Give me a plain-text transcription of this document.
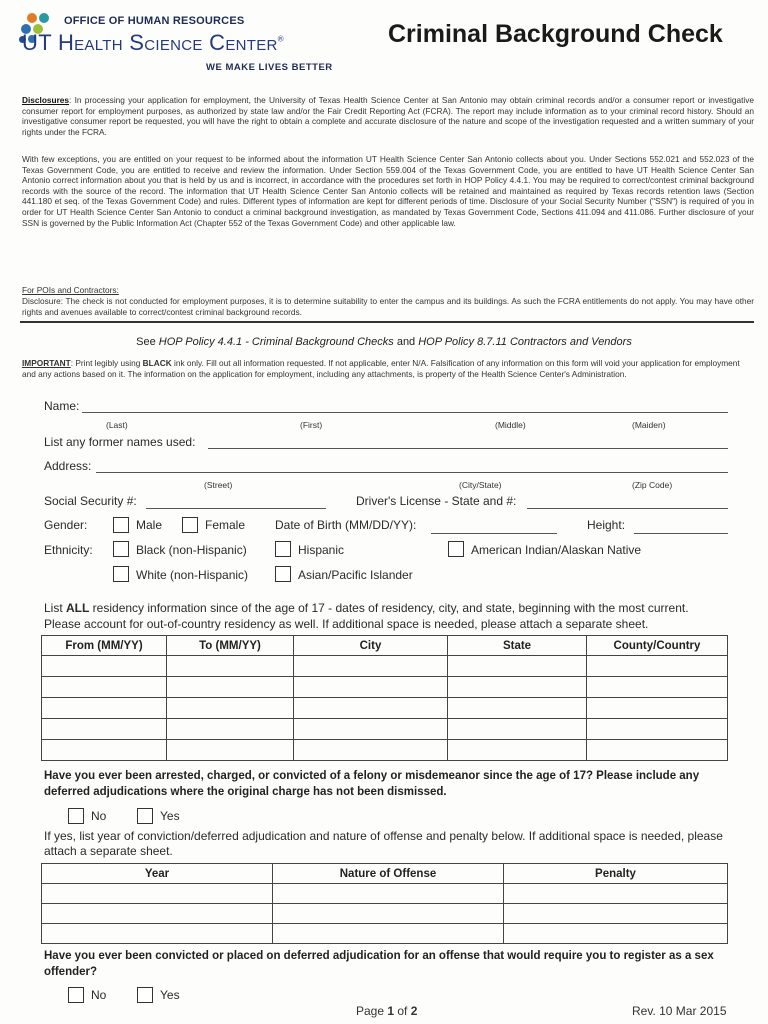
OFFICE OF HUMAN RESOURCES
UT Health Science Center®
WE MAKE LIVES BETTER
Criminal Background Check
Disclosures: In processing your application for employment, the University of Texas Health Science Center at San Antonio may obtain criminal records and/or a consumer report or investigative consumer report for employment purposes, as authorized by state law and/or the Fair Credit Reporting Act (FCRA). The report may include information as to your criminal record history. Should an investigative consumer report be requested, you will have the right to obtain a complete and accurate disclosure of the nature and scope of the investigation requested and a written summary of your rights under the FCRA.
With few exceptions, you are entitled on your request to be informed about the information UT Health Science Center San Antonio collects about you. Under Sections 552.021 and 552.023 of the Texas Government Code, you are entitled to receive and review the information. Under Section 559.004 of the Texas Government Code, you are entitled to have UT Health Science Center San Antonio correct information about you that is held by us and is incorrect, in accordance with the procedures set forth in HOP Policy 4.4.1. You may be required to correct/contest criminal background records with the source of the record. The information that UT Health Science Center San Antonio collects will be retained and maintained as required by Texas records retention laws (Section 441.180 et seq. of the Texas Government Code) and rules. Different types of information are kept for different periods of time. Disclosure of your Social Security Number ("SSN") is required of you in order for UT Health Science Center San Antonio to conduct a criminal background investigation, as mandated by Texas Government Code, Sections 411.094 and 411.086. Further disclosure of your SSN is governed by the Public Information Act (Chapter 552 of the Texas Government Code) and other applicable law.
For POIs and Contractors:
Disclosure: The check is not conducted for employment purposes, it is to determine suitability to enter the campus and its buildings. As such the FCRA entitlements do not apply. You may have other rights and avenues available to correct/contest criminal background records.
See HOP Policy 4.4.1 - Criminal Background Checks and HOP Policy 8.7.11 Contractors and Vendors
IMPORTANT: Print legibly using BLACK ink only. Fill out all information requested. If not applicable, enter N/A. Falsification of any information on this form will void your application for employment and any actions based on it. The information on the application for employment, including any attachments, is property of the Health Science Center's Administration.
Name:
(Last)	(First)	(Middle)	(Maiden)
List any former names used:
Address:
(Street)	(City/State)	(Zip Code)
Social Security #:	Driver's License - State and #:
Gender:	Male	Female Date of Birth (MM/DD/YY):	Height:
Ethnicity:	Black (non-Hispanic)	Hispanic	American Indian/Alaskan Native
White (non-Hispanic)	Asian/Pacific Islander
List ALL residency information since of the age of 17 - dates of residency, city, and state, beginning with the most current.
Please account for out-of-country residency as well. If additional space is needed, please attach a separate sheet.
From (MM/YY)	To (MM/YY)	City	State	County/Country

Have you ever been arrested, charged, or convicted of a felony or misdemeanor since the age of 17? Please include any deferred adjudications where the original charge has not been dismissed.
No	Yes
If yes, list year of conviction/deferred adjudication and nature of offense and penalty below. If additional space is needed, please attach a separate sheet.
Year	Nature of Offense	Penalty

Have you ever been convicted or placed on deferred adjudication for an offense that would require you to register as a sex offender?
No	Yes
Page 1 of 2	Rev. 10 Mar 2015
